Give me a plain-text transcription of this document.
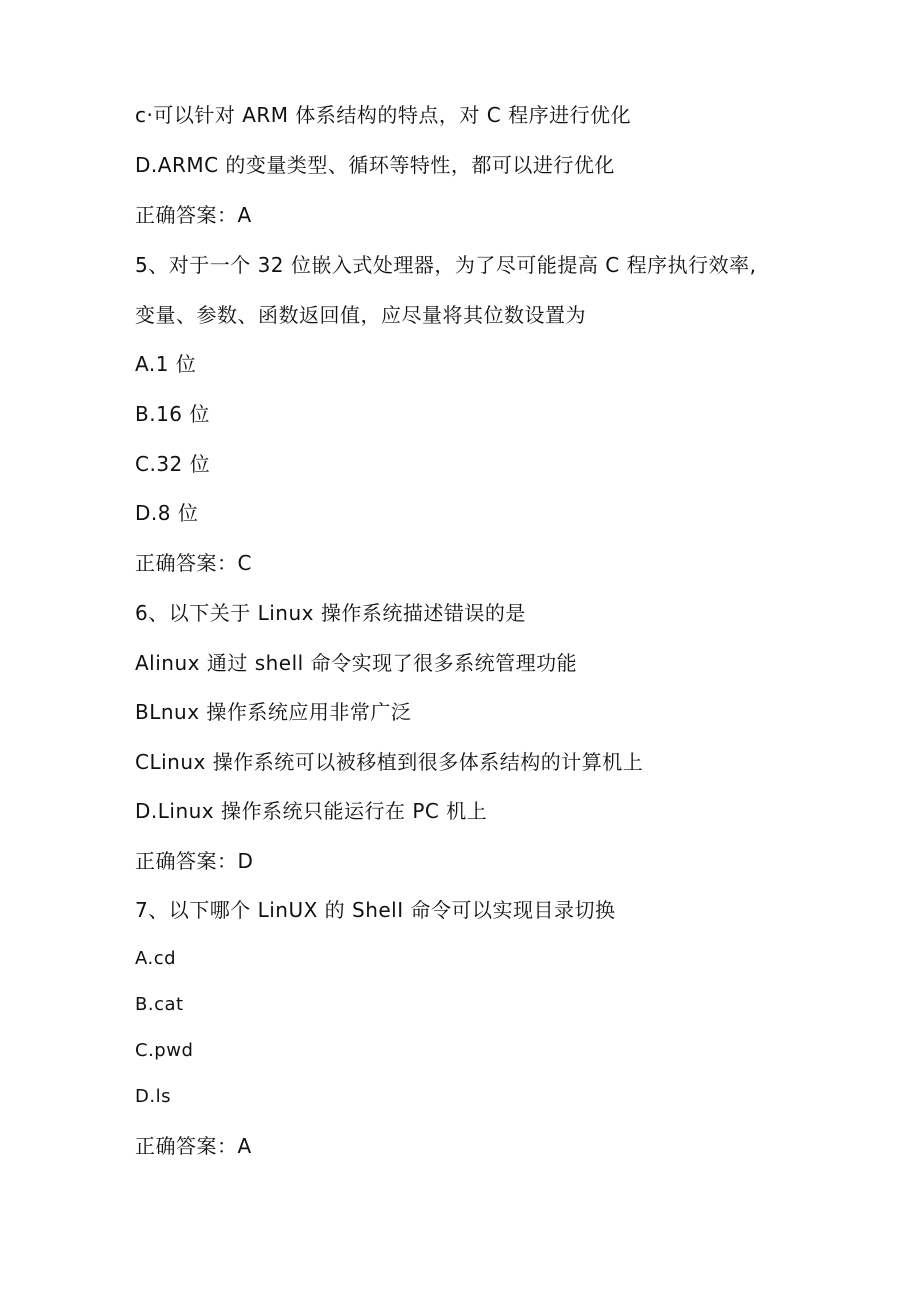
c·可以针对 ARM 体系结构的特点，对 C 程序进行优化
D.ARMC 的变量类型、循环等特性，都可以进行优化
正确答案：A
5、对于一个 32 位嵌入式处理器，为了尽可能提高 C 程序执行效率,
变量、参数、函数返回值，应尽量将其位数设置为
A.1 位
B.16 位
C.32 位
D.8 位
正确答案：C
6、以下关于 Linux 操作系统描述错误的是
Alinux 通过 shell 命令实现了很多系统管理功能
BLnux 操作系统应用非常广泛
CLinux 操作系统可以被移植到很多体系结构的计算机上
D.Linux 操作系统只能运行在 PC 机上
正确答案：D
7、以下哪个 LinUX 的 ShelI 命令可以实现目录切换
A.cd
B.cat
C.pwd
D.ls
正确答案：A
